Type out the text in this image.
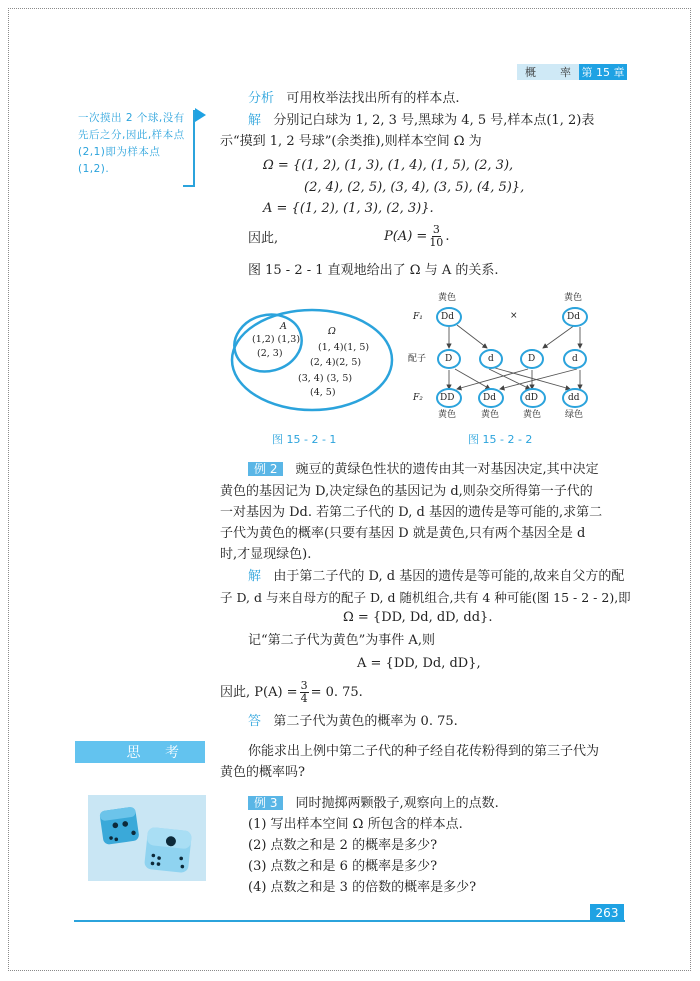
概 率 第 15 章
一次摸出 2 个球,没有先后之分,因此,样本点(2,1)即为样本点(1,2).
分析 可用枚举法找出所有的样本点.
解 分别记白球为 1, 2, 3 号,黑球为 4, 5 号,样本点(1, 2)表
示“摸到 1, 2 号球”(余类推),则样本空间 Ω 为
Ω = {(1, 2), (1, 3), (1, 4), (1, 5), (2, 3),
(2, 4), (2, 5), (3, 4), (3, 5), (4, 5)},
A = {(1, 2), (1, 3), (2, 3)}.
因此,	$P(A) = \frac{3}{10}$ .
图 15 - 2 - 1 直观地给出了 Ω 与 A 的关系.
A
(1,2) (1,3)
(2, 3)
Ω
(1, 4)(1, 5)
(2, 4)(2, 5)
(3, 4) (3, 5)
(4, 5)
图 15 - 2 - 1
黄色	黄色
F₁
配子
F₂
×
Dd	Dd
D	d	D	d
DD	Dd	dD	dd
黄色	黄色	黄色	绿色
图 15 - 2 - 2
例 2 豌豆的黄绿色性状的遗传由其一对基因决定,其中决定
黄色的基因记为 D,决定绿色的基因记为 d,则杂交所得第一子代的
一对基因为 Dd. 若第二子代的 D, d 基因的遗传是等可能的,求第二
子代为黄色的概率(只要有基因 D 就是黄色,只有两个基因全是 d
时,才显现绿色).
解 由于第二子代的 D, d 基因的遗传是等可能的,故来自父方的配
子 D, d 与来自母方的配子 D, d 随机组合,共有 4 种可能(图 15 - 2 - 2),即
Ω = {DD, Dd, dD, dd}.
记“第二子代为黄色”为事件 A,则
A = {DD, Dd, dD},
因此, $P(A) = \frac{3}{4} = 0$. 75.
答 第二子代为黄色的概率为 0. 75.
思 考	你能求出上例中第二子代的种子经自花传粉得到的第三子代为
黄色的概率吗?
例 3 同时抛掷两颗骰子,观察向上的点数.
(1) 写出样本空间 Ω 所包含的样本点.
(2) 点数之和是 2 的概率是多少?
(3) 点数之和是 6 的概率是多少?
(4) 点数之和是 3 的倍数的概率是多少?
263
